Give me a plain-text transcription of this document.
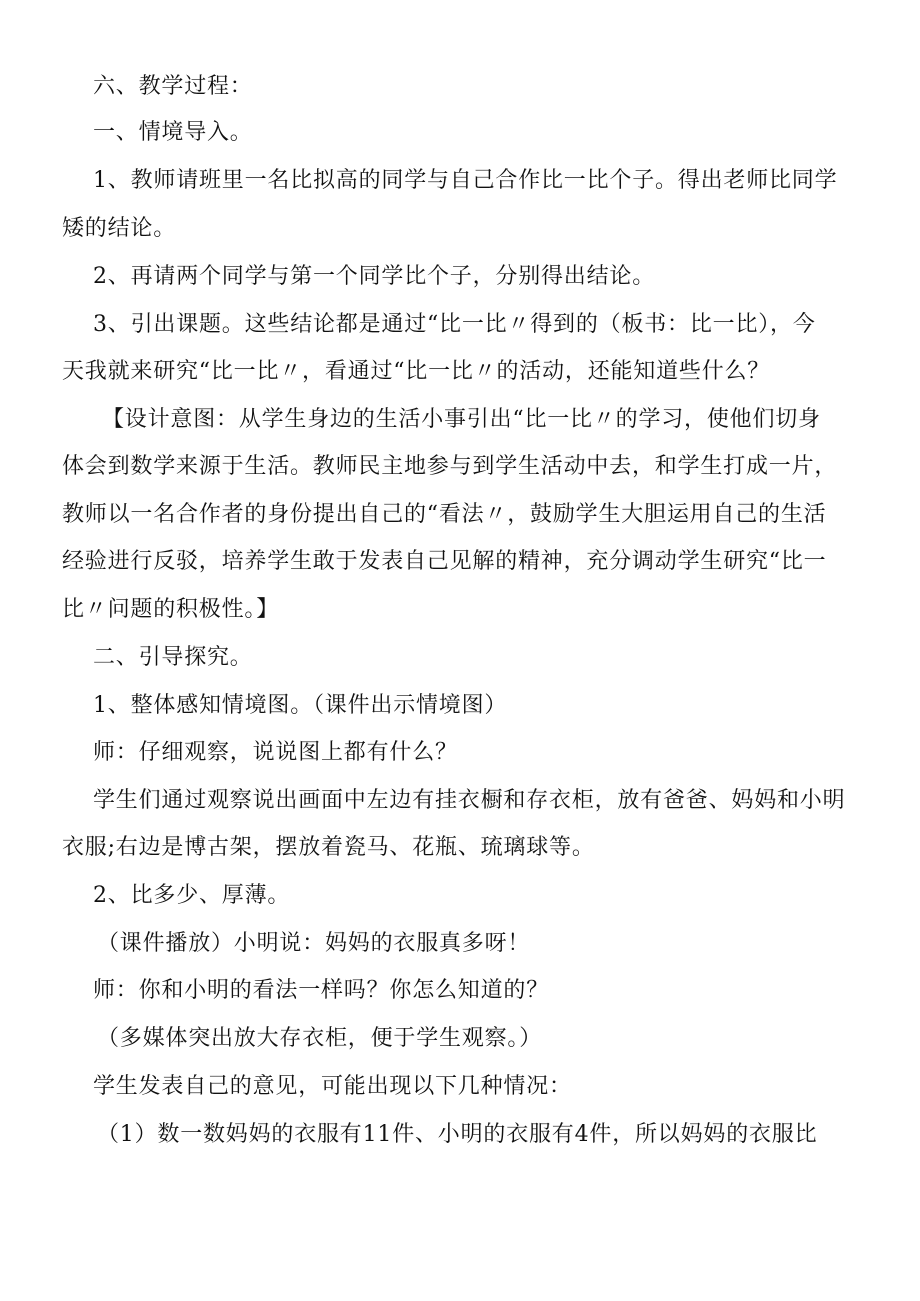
六、教学过程：
一、情境导入。
1、教师请班里一名比拟高的同学与自己合作比一比个子。得出老师比同学
矮的结论。
2、再请两个同学与第一个同学比个子，分别得出结论。
3、引出课题。这些结论都是通过“比一比〃得到的（板书：比一比），今
天我就来研究“比一比〃，看通过“比一比〃的活动，还能知道些什么？
【设计意图：从学生身边的生活小事引出“比一比〃的学习，使他们切身
体会到数学来源于生活。教师民主地参与到学生活动中去，和学生打成一片，
教师以一名合作者的身份提出自己的“看法〃，鼓励学生大胆运用自己的生活
经验进行反驳，培养学生敢于发表自己见解的精神，充分调动学生研究“比一
比〃问题的积极性。】
二、引导探究。
1、整体感知情境图。（课件出示情境图）
师：仔细观察，说说图上都有什么？
学生们通过观察说出画面中左边有挂衣橱和存衣柜，放有爸爸、妈妈和小明
衣服;右边是博古架，摆放着瓷马、花瓶、琉璃球等。
2、比多少、厚薄。
（课件播放）小明说：妈妈的衣服真多呀！
师：你和小明的看法一样吗？你怎么知道的？
（多媒体突出放大存衣柜，便于学生观察。）
学生发表自己的意见，可能出现以下几种情况：
（1）数一数妈妈的衣服有11件、小明的衣服有4件，所以妈妈的衣服比
